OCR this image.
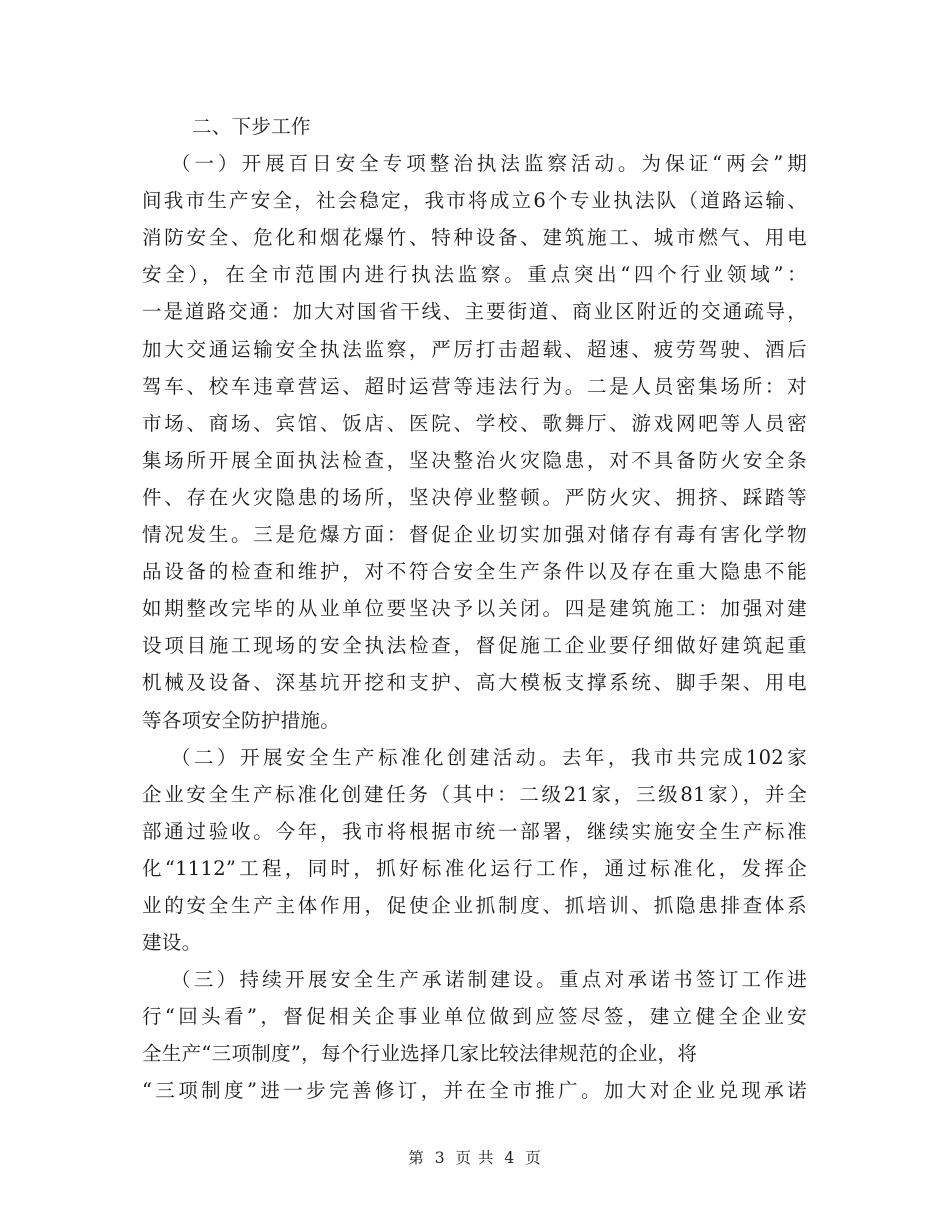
二、下步工作
（一）开展百日安全专项整治执法监察活动。为保证“两会”期
间我市生产安全，社会稳定，我市将成立6个专业执法队（道路运输、
消防安全、危化和烟花爆竹、特种设备、建筑施工、城市燃气、用电
安全），在全市范围内进行执法监察。重点突出“四个行业领域”：
一是道路交通：加大对国省干线、主要街道、商业区附近的交通疏导，
加大交通运输安全执法监察，严厉打击超载、超速、疲劳驾驶、酒后
驾车、校车违章营运、超时运营等违法行为。二是人员密集场所：对
市场、商场、宾馆、饭店、医院、学校、歌舞厅、游戏网吧等人员密
集场所开展全面执法检查，坚决整治火灾隐患，对不具备防火安全条
件、存在火灾隐患的场所，坚决停业整顿。严防火灾、拥挤、踩踏等
情况发生。三是危爆方面：督促企业切实加强对储存有毒有害化学物
品设备的检查和维护，对不符合安全生产条件以及存在重大隐患不能
如期整改完毕的从业单位要坚决予以关闭。四是建筑施工：加强对建
设项目施工现场的安全执法检查，督促施工企业要仔细做好建筑起重
机械及设备、深基坑开挖和支护、高大模板支撑系统、脚手架、用电
等各项安全防护措施。
（二）开展安全生产标准化创建活动。去年，我市共完成102家
企业安全生产标准化创建任务（其中：二级21家，三级81家），并全
部通过验收。今年，我市将根据市统一部署，继续实施安全生产标准
化“1112”工程，同时，抓好标准化运行工作，通过标准化，发挥企
业的安全生产主体作用，促使企业抓制度、抓培训、抓隐患排查体系
建设。
（三）持续开展安全生产承诺制建设。重点对承诺书签订工作进
行“回头看”，督促相关企事业单位做到应签尽签，建立健全企业安
全生产“三项制度”，每个行业选择几家比较法律规范的企业，将
“三项制度”进一步完善修订，并在全市推广。加大对企业兑现承诺
第 3 页 共 4 页
